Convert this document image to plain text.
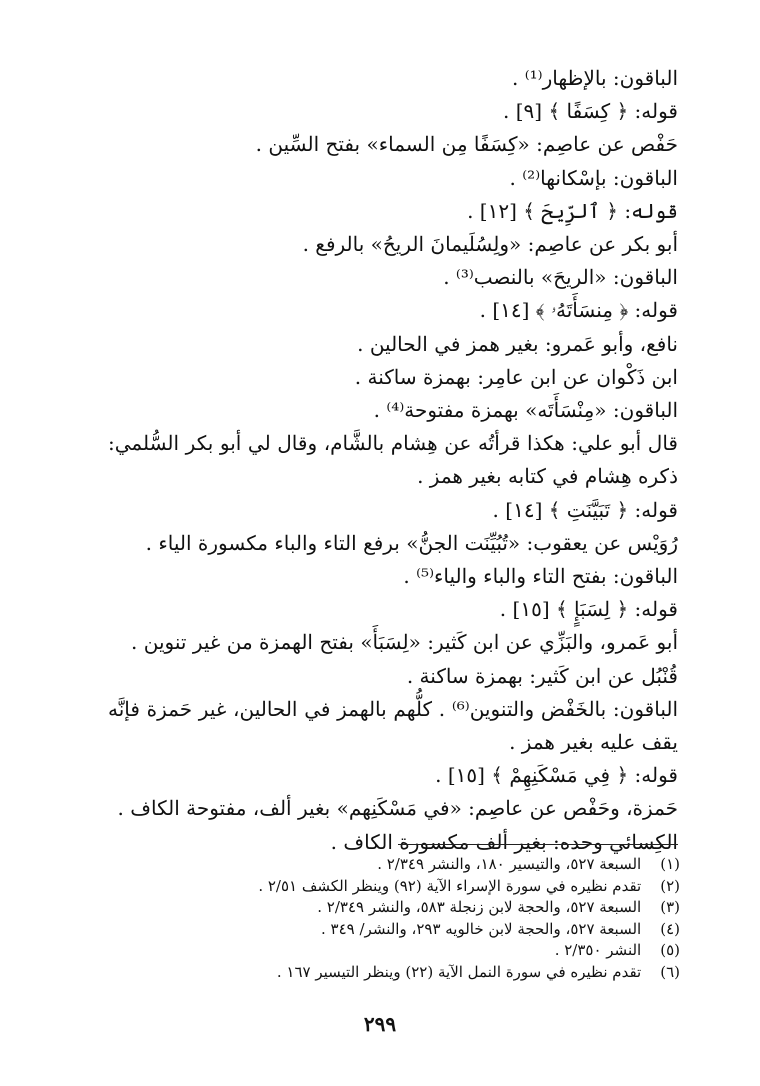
الباقون: بالإظهار⁽¹⁾ .
قوله: ﴿ كِسَفًا ﴾ [٩] .
حَفْص عن عاصِم: «كِسَفًا مِن السماء» بفتح السِّين .
الباقون: بإسْكانها⁽²⁾ .
قوله: ﴿ ٱلرِّيحَ ﴾ [١٢] .
أبو بكر عن عاصِم: «ولِسُلَيمانَ الريحُ» بالرفع .
الباقون: «الريحَ» بالنصب⁽³⁾ .
قوله: ﴿ مِنسَأَتَهُۥ ﴾ [١٤] .
نافع، وأبو عَمرو: بغير همز في الحالين .
ابن ذَكْوان عن ابن عامِر: بهمزة ساكنة .
الباقون: «مِنْسَأَتَه» بهمزة مفتوحة⁽⁴⁾ .
قال أبو علي: هكذا قرأتُه عن هِشام بالشَّام، وقال لي أبو بكر السُّلمي: ذكره هِشام في كتابه بغير همز .
قوله: ﴿ تَبَيَّنَتِ ﴾ [١٤] .
رُوَيْس عن يعقوب: «تُبُيِّنَت الجنُّ» برفع التاء والباء مكسورة الياء .
الباقون: بفتح التاء والباء والياء⁽⁵⁾ .
قوله: ﴿ لِسَبَإٍ ﴾ [١٥] .
أبو عَمرو، والبَزِّي عن ابن كَثير: «لِسَبَأَ» بفتح الهمزة من غير تنوين .
قُنْبُل عن ابن كَثير: بهمزة ساكنة .
الباقون: بالخَفْض والتنوين⁽⁶⁾ . كلُّهم بالهمز في الحالين، غير حَمزة فإنَّه يقف عليه بغير همز .
قوله: ﴿ فِي مَسْكَنِهِمْ ﴾ [١٥] .
حَمزة، وحَفْص عن عاصِم: «في مَسْكَنِهم» بغير ألف، مفتوحة الكاف .
الكِسائي وحده: بغير ألف مكسورة الكاف .
(١) السبعة ٥٢٧، والتيسير ١٨٠، والنشر ٢/٣٤٩ .
(٢) تقدم نظيره في سورة الإسراء الآية (٩٢) وينظر الكشف ٢/٥١ .
(٣) السبعة ٥٢٧، والحجة لابن زنجلة ٥٨٣، والنشر ٢/٣٤٩ .
(٤) السبعة ٥٢٧، والحجة لابن خالويه ٢٩٣، والنشر/ ٣٤٩ .
(٥) النشر ٢/٣٥٠ .
(٦) تقدم نظيره في سورة النمل الآية (٢٢) وينظر التيسير ١٦٧ .
٢٩٩
